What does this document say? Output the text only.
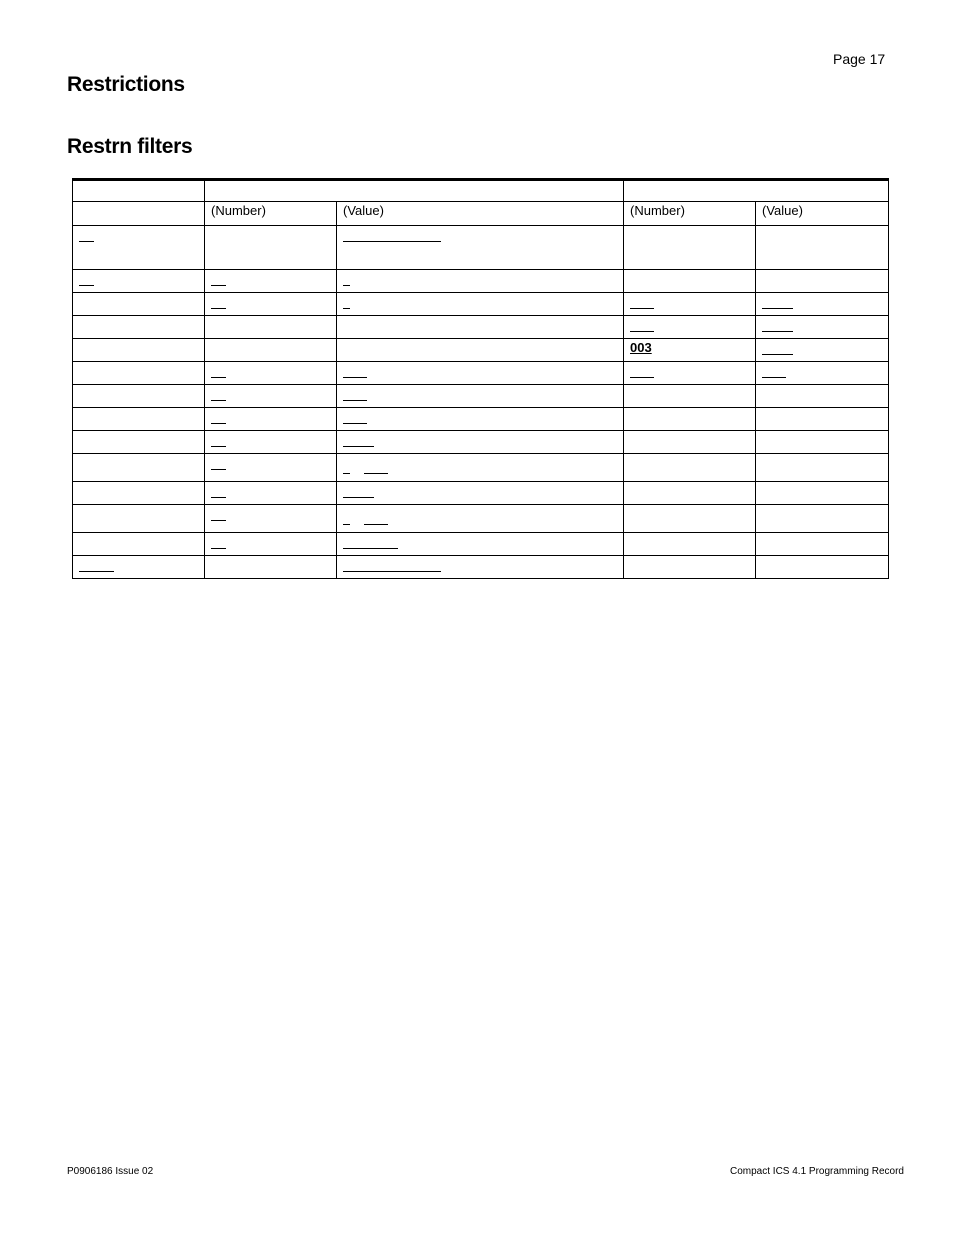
Page 17
Restrictions
Restrn filters

	(Number)	(Value)	(Number)	(Value)

			003	

P0906186 Issue 02	Compact ICS 4.1 Programming Record
